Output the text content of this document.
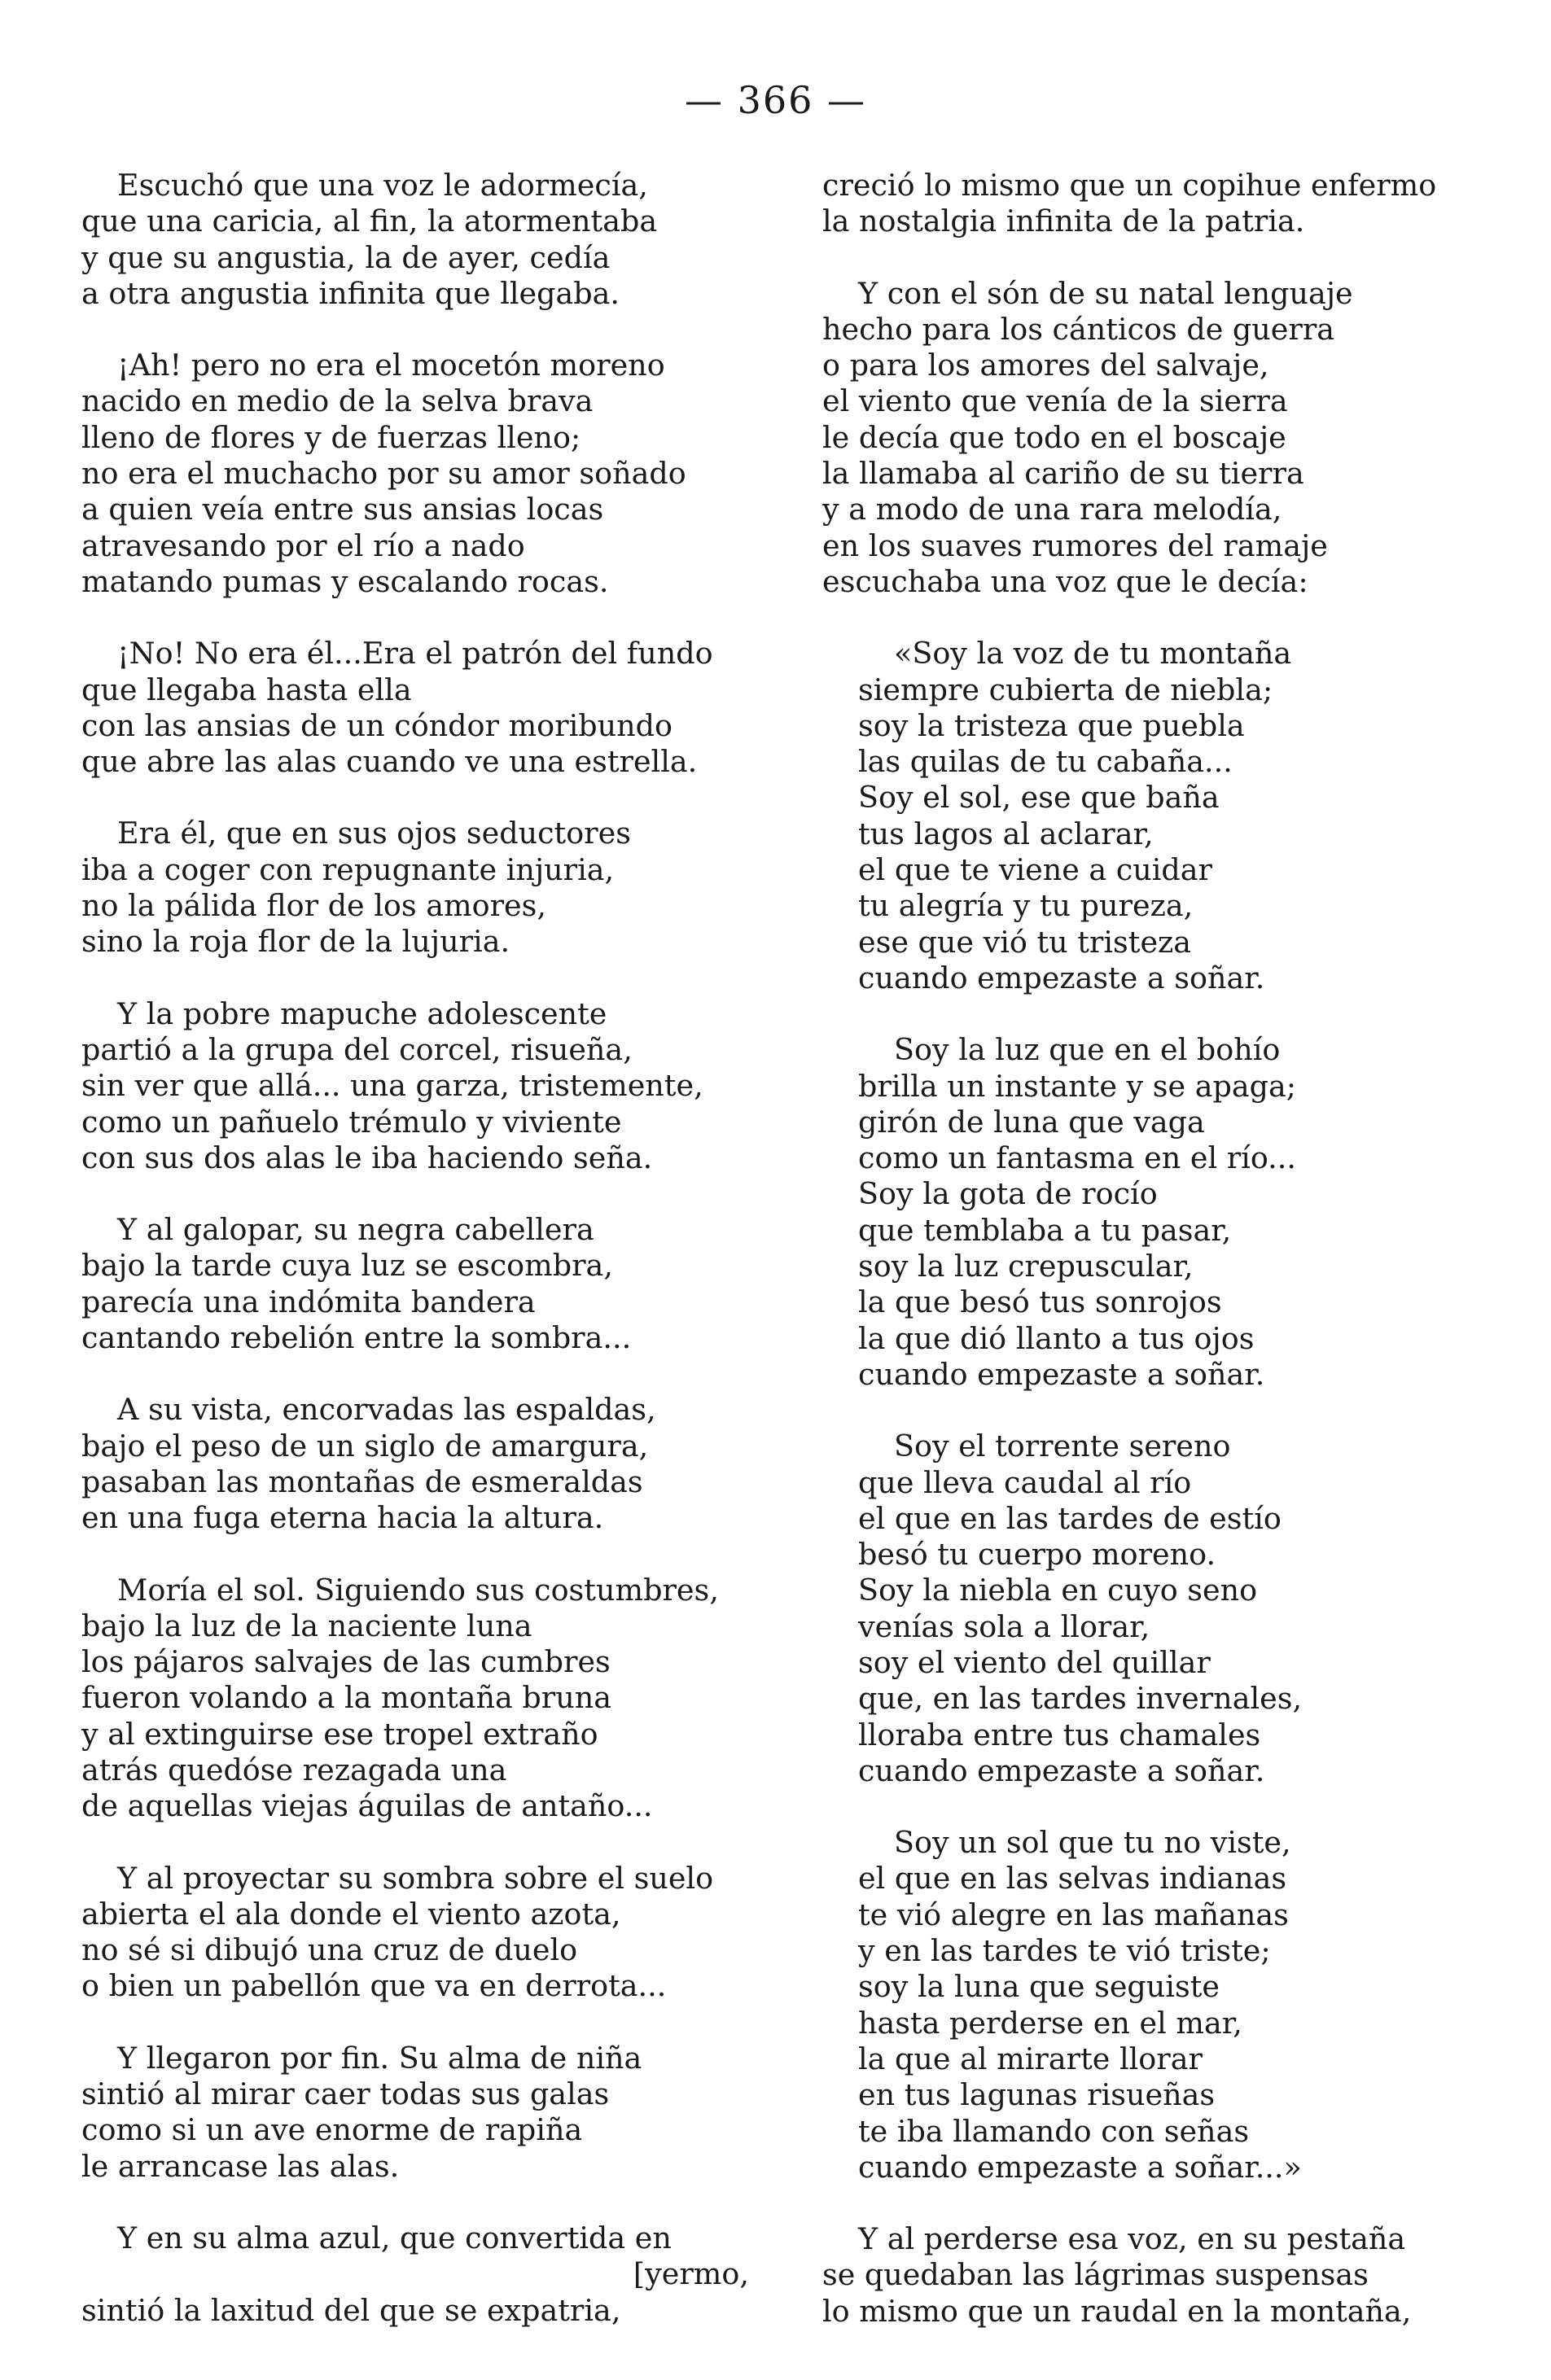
— 366 —
Escuchó que una voz le adormecía,
que una caricia, al fin, la atormentaba
y que su angustia, la de ayer, cedía
a otra angustia infinita que llegaba.
¡Ah! pero no era el mocetón moreno
nacido en medio de la selva brava
lleno de flores y de fuerzas lleno;
no era el muchacho por su amor soñado
a quien veía entre sus ansias locas
atravesando por el río a nado
matando pumas y escalando rocas.
¡No! No era él...Era el patrón del fundo
que llegaba hasta ella
con las ansias de un cóndor moribundo
que abre las alas cuando ve una estrella.
Era él, que en sus ojos seductores
iba a coger con repugnante injuria,
no la pálida flor de los amores,
sino la roja flor de la lujuria.
Y la pobre mapuche adolescente
partió a la grupa del corcel, risueña,
sin ver que allá... una garza, tristemente,
como un pañuelo trémulo y viviente
con sus dos alas le iba haciendo seña.
Y al galopar, su negra cabellera
bajo la tarde cuya luz se escombra,
parecía una indómita bandera
cantando rebelión entre la sombra...
A su vista, encorvadas las espaldas,
bajo el peso de un siglo de amargura,
pasaban las montañas de esmeraldas
en una fuga eterna hacia la altura.
Moría el sol. Siguiendo sus costumbres,
bajo la luz de la naciente luna
los pájaros salvajes de las cumbres
fueron volando a la montaña bruna
y al extinguirse ese tropel extraño
atrás quedóse rezagada una
de aquellas viejas águilas de antaño...
Y al proyectar su sombra sobre el suelo
abierta el ala donde el viento azota,
no sé si dibujó una cruz de duelo
o bien un pabellón que va en derrota...
Y llegaron por fin. Su alma de niña
sintió al mirar caer todas sus galas
como si un ave enorme de rapiña
le arrancase las alas.
Y en su alma azul, que convertida en
[yermo,
sintió la laxitud del que se expatria,
creció lo mismo que un copihue enfermo
la nostalgia infinita de la patria.
Y con el són de su natal lenguaje
hecho para los cánticos de guerra
o para los amores del salvaje,
el viento que venía de la sierra
le decía que todo en el boscaje
la llamaba al cariño de su tierra
y a modo de una rara melodía,
en los suaves rumores del ramaje
escuchaba una voz que le decía:
«Soy la voz de tu montaña
siempre cubierta de niebla;
soy la tristeza que puebla
las quilas de tu cabaña...
Soy el sol, ese que baña
tus lagos al aclarar,
el que te viene a cuidar
tu alegría y tu pureza,
ese que vió tu tristeza
cuando empezaste a soñar.
Soy la luz que en el bohío
brilla un instante y se apaga;
girón de luna que vaga
como un fantasma en el río...
Soy la gota de rocío
que temblaba a tu pasar,
soy la luz crepuscular,
la que besó tus sonrojos
la que dió llanto a tus ojos
cuando empezaste a soñar.
Soy el torrente sereno
que lleva caudal al río
el que en las tardes de estío
besó tu cuerpo moreno.
Soy la niebla en cuyo seno
venías sola a llorar,
soy el viento del quillar
que, en las tardes invernales,
lloraba entre tus chamales
cuando empezaste a soñar.
Soy un sol que tu no viste,
el que en las selvas indianas
te vió alegre en las mañanas
y en las tardes te vió triste;
soy la luna que seguiste
hasta perderse en el mar,
la que al mirarte llorar
en tus lagunas risueñas
te iba llamando con señas
cuando empezaste a soñar...»
Y al perderse esa voz, en su pestaña
se quedaban las lágrimas suspensas
lo mismo que un raudal en la montaña,
